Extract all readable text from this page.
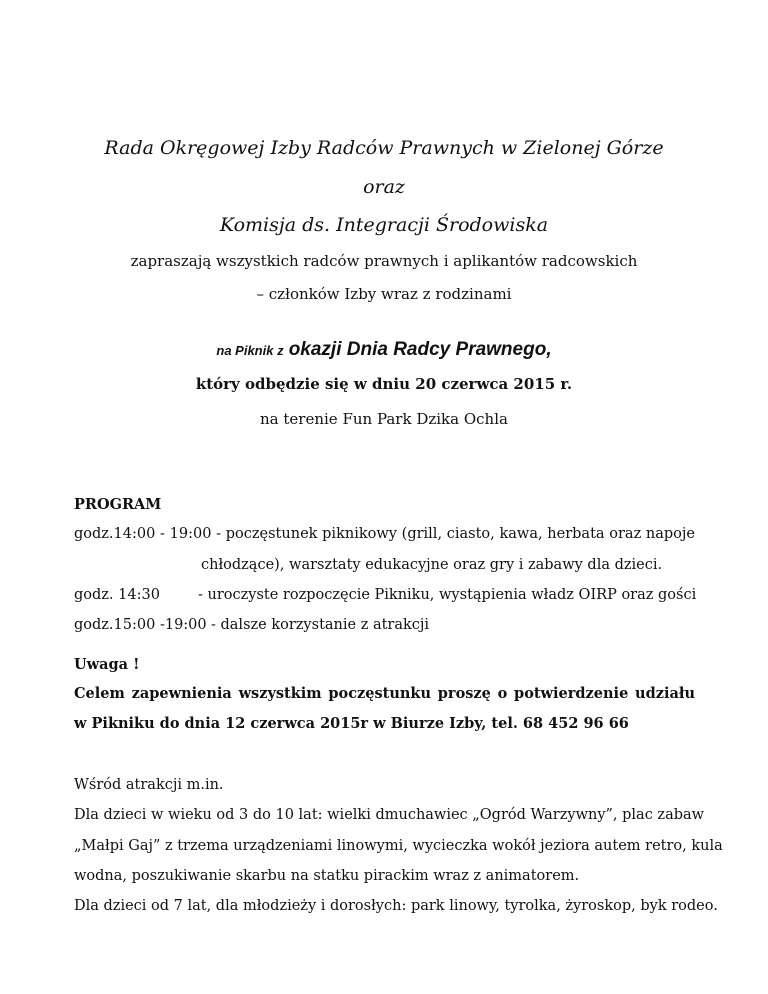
Rada Okręgowej Izby Radców Prawnych w Zielonej Górze
oraz
Komisja ds. Integracji Środowiska
zapraszają wszystkich radców prawnych i aplikantów radcowskich
– członków Izby wraz z rodzinami
na Piknik z okazji Dnia Radcy Prawnego,
który odbędzie się w dniu 20 czerwca 2015 r.
na terenie Fun Park Dzika Ochla
PROGRAM
godz.14:00 - 19:00 - poczęstunek piknikowy (grill, ciasto, kawa, herbata oraz napoje
chłodzące), warsztaty edukacyjne oraz gry i zabawy dla dzieci.
godz. 14:30	- uroczyste rozpoczęcie Pikniku, wystąpienia władz OIRP oraz gości
godz.15:00 -19:00 - dalsze korzystanie z atrakcji
Uwaga !
Celem zapewnienia wszystkim poczęstunku proszę o potwierdzenie udziału
w Pikniku do dnia 12 czerwca 2015r w Biurze Izby, tel. 68 452 96 66
Wśród atrakcji m.in.
Dla dzieci w wieku od 3 do 10 lat: wielki dmuchawiec „Ogród Warzywny”, plac zabaw
„Małpi Gaj” z trzema urządzeniami linowymi, wycieczka wokół jeziora autem retro, kula
wodna, poszukiwanie skarbu na statku pirackim wraz z animatorem.
Dla dzieci od 7 lat, dla młodzieży i dorosłych: park linowy, tyrolka, żyroskop, byk rodeo.
